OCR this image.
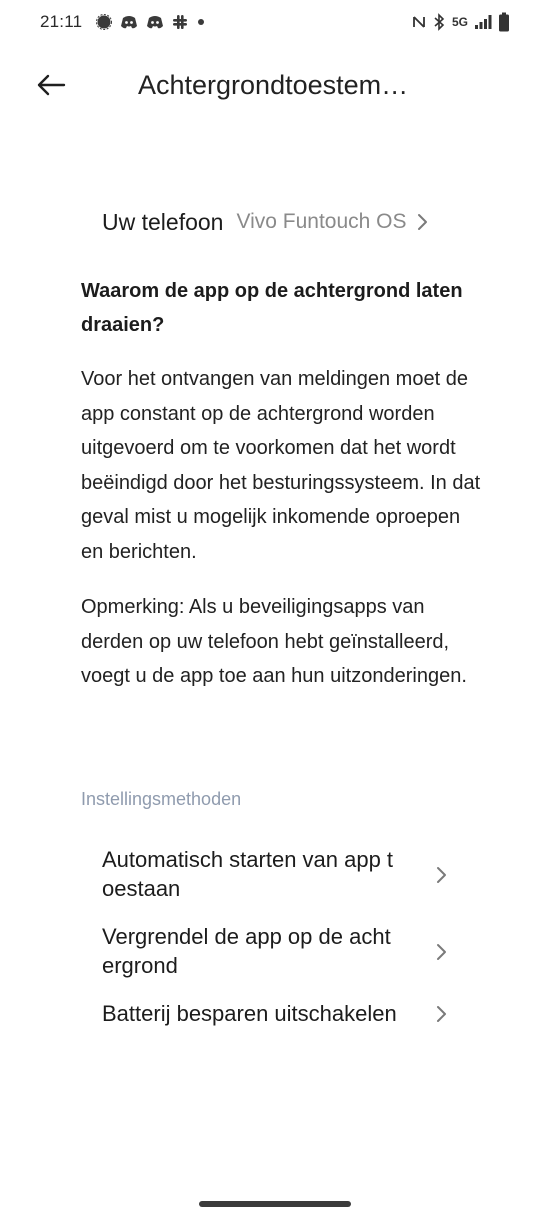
21:11	5G
Achtergrondtoestem…
Uw telefoon Vivo Funtouch OS

Waarom de app op de achtergrond laten draaien?

Voor het ontvangen van meldingen moet de app constant op de achtergrond worden uitgevoerd om te voorkomen dat het wordt beëindigd door het besturingssysteem. In dat geval mist u mogelijk inkomende oproepen en berichten.

Opmerking: Als u beveiligingsapps van derden op uw telefoon hebt geïnstalleerd, voegt u de app toe aan hun uitzonderingen.

Instellingsmethoden
Automatisch starten van app toestaan
Vergrendel de app op de achtergrond
Batterij besparen uitschakelen
